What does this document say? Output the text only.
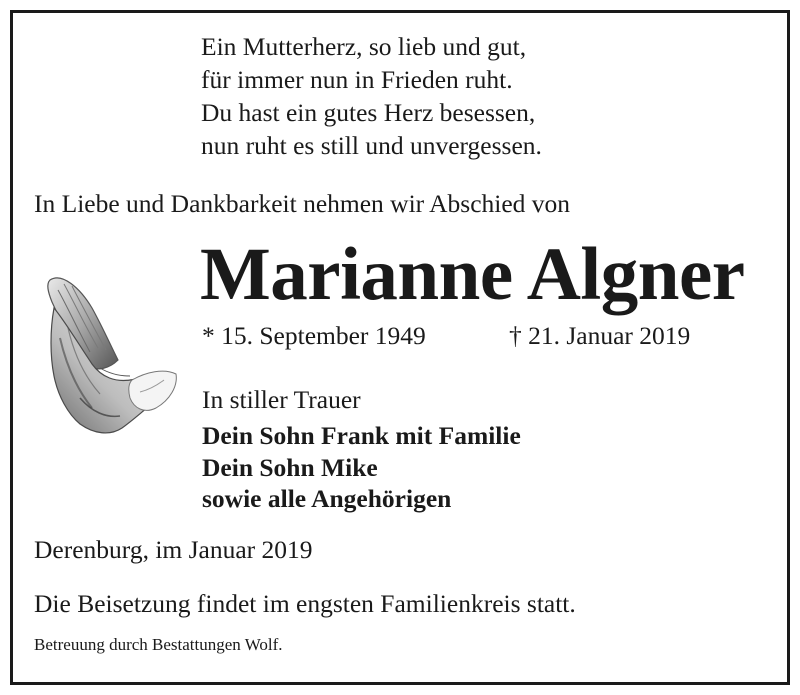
Ein Mutterherz, so lieb und gut,
für immer nun in Frieden ruht.
Du hast ein gutes Herz besessen,
nun ruht es still und unvergessen.
In Liebe und Dankbarkeit nehmen wir Abschied von
Marianne Algner
* 15. September 1949	† 21. Januar 2019
In stiller Trauer
Dein Sohn Frank mit Familie
Dein Sohn Mike
sowie alle Angehörigen
Derenburg, im Januar 2019
Die Beisetzung findet im engsten Familienkreis statt.
Betreuung durch Bestattungen Wolf.
